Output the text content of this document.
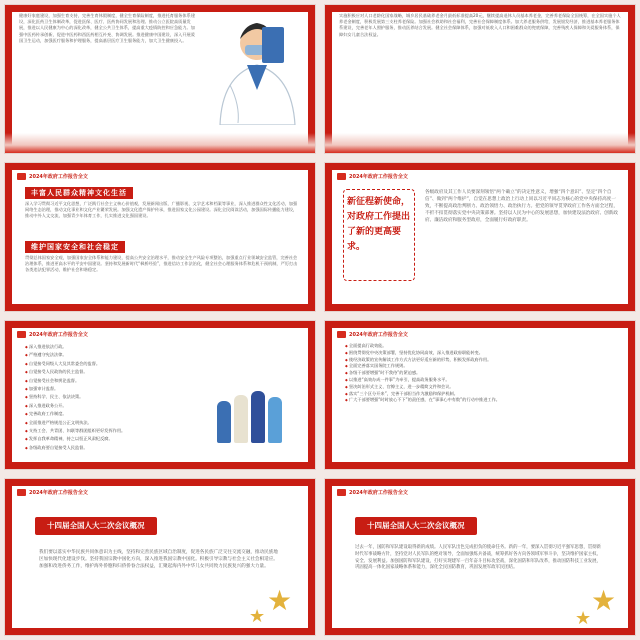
健康好家庭建设，加强生育支持，完善生育休假制度，健全生育保险制度，推进托育服务体系建设，深化医药卫生体制改革，促进医保、医疗、医药协同发展和治理。推动公立医院高质量发展，推进以人民健康为中心的深化改革，健全公共卫生体系，提高重大疫情防控和应急能力。加强中医药传承创新，促进中医药和西医药相互补充、协调发展。推进健康中国建设，深入开展爱国卫生运动，加强医疗服务和护理服务，提高基层医疗卫生服务能力，加大卫生健康投入。
实施积极应对人口老龄化国家战略，城乡居民基础养老金月最低标准提高20元，继续提高退休人员基本养老金，完善养老保险全国统筹，在全国实施个人养老金制度，积极发展第三支柱养老保险。加强社会救助和社会福利，完善社会保障制度体系。加大养老服务供给，发展银发经济，推进基本养老服务体系建设，完善老年人照护服务，推动医养结合发展。健全社会保障体系，加强对低收入人口和困难群众的兜底保障，完善残疾人保障和关爱服务体系，保障妇女儿童合法权益。
2024年政府工作报告全文
丰富人民群众精神文化生活
深入学习贯彻习近平文化思想，广泛践行社会主义核心价值观，发展新闻出版、广播影视、文学艺术和档案等事业，深入推进群众性文化活动，加强网络生态治理，推动文化事业和文化产业繁荣发展。加强文化遗产保护传承，推进国家文化公园建设。深化全民阅读活动，加强国际传播能力建设，推动中外人文交流，加强青少年体育工作，扎实推进文化强国建设。
维护国家安全和社会稳定
贯彻总体国家安全观，加强国家安全体系和能力建设，提高公共安全治理水平，推动安全生产风险专项整治，加强重点行业领域安全监管，完善社会治理体系，推进更高水平的平安中国建设。坚持和发展新时代“枫桥经验”，推进信访工作法治化，健全社会心理服务体系和危机干预机制，严厉打击各类违法犯罪活动，维护社会和谐稳定。
2024年政府工作报告全文
新征程新使命，对政府工作提出了新的更高要求。
各级政府及其工作人员要深刻领悟“两个确立”的决定性意义，增强“四个意识”、坚定“四个自信”、做到“两个维护”，自觉在思想上政治上行动上同以习近平同志为核心的党中央保持高度一致，不断提高政治判断力、政治领悟力、政治执行力。把党的领导贯穿政府工作各方面全过程，不折不扣贯彻落实党中央决策部署。坚持以人民为中心的发展思想，加快建设法治政府、创新政府、廉洁政府和服务型政府，全面履行好政府职责。
2024年政府工作报告全文
◆ 深入推进依法行政。
◆ 严格遵守宪法法律。
◆ 自觉接受同级人大及其常委会的监督。
◆ 自觉接受人民政协的民主监督。
◆ 自觉接受社会和舆论监督。
◆ 加强审计监督。
◆ 坚持科学、民主、依法决策。
◆ 深入推进政务公开。
◆ 完善政府工作制度。
◆ 全面推进严格规范公正文明执法。
◆ 支持工会、共青团、妇联等群团组织更好发挥作用。
◆ 发挥自我革命精神，持之以恒正风肃纪反腐。
◆ 各级政府要自觉接受人民监督。
2024年政府工作报告全文
◆ 全面提高行政效能。
◆ 围绕贯彻党中央决策部署，坚持优化协同高效，深入推进政府职能转变。
◆ 使经济政策的宣传解读工作方式方法更好适应新的形势，积极发挥政府作用。
◆ 全面完善落实国务院工作规则。
◆ 各级干部要增强“时不我待”的紧迫感。
◆ 以推进“高效办成一件事”为牵引，提高政务服务水平。
◆ 坚决纠治形式主义、官僚主义，进一步精简文件和会议。
◆ 落实“三个区分开来”，完善干部担当作为激励和保护机制。
◆ 广大干部要增强“时时放心不下”的责任感，在“事事心中有数”的行动中推进工作。
2024年政府工作报告全文
十四届全国人大二次会议概况
我们要以落实中华民族共同体意识为主线，坚持和完善民族区域自治制度，促进各民族广泛交往交流交融，推动民族地区加快现代化建设步伐。坚持我国宗教中国化方向，深入推进我国宗教中国化。积极引导宗教与社会主义社会相适应。加强和改进侨务工作，维护海外侨胞和归侨侨眷合法权益，汇聚起海内外中华儿女共同致力民族复兴的强大力量。
★
★
2024年政府工作报告全文
十四届全国人大二次会议概况
过去一年，国防和军队建设取得新的成绩。人民军队出色完成担负的使命任务。新的一年，要深入贯彻习近平强军思想，贯彻新时代军事战略方针，坚持党对人民军队的绝对领导，全面加强练兵备战，统筹抓好各方向各领域军事斗争，坚决维护国家主权、安全、发展利益。加强国防和军队建设，打好实现建军一百年奋斗目标攻坚战，深化国防和军队改革，推动国防科技工业发展，巩固提高一体化国家战略体系和能力，深化全民国防教育，巩固发展军政军民团结。
★
★
